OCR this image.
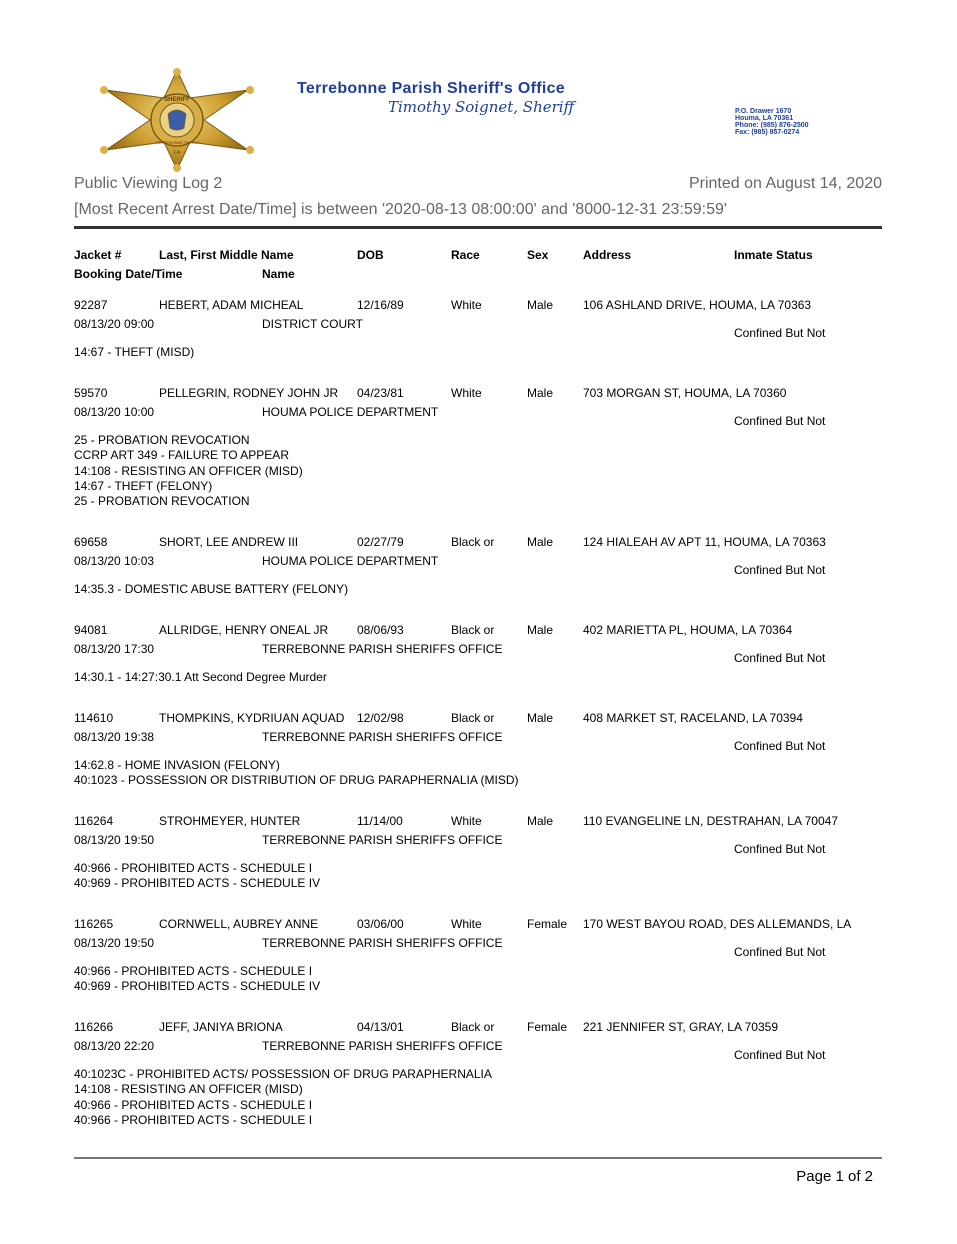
SHERIFF
TERREBONNE PARISH
LA
Terrebonne Parish Sheriff's Office
Timothy Soignet, Sheriff	P.O. Drawer 1670
Houma, LA 70361
Phone: (985) 876-2500
Fax: (985) 857-0274
Public Viewing Log 2	Printed on August 14, 2020
[Most Recent Arrest Date/Time] is between '2020-08-13 08:00:00' and '8000-12-31 23:59:59'
Jacket #	Last, First Middle Name	DOB	Race	Sex	Address	Inmate Status
Booking Date/Time	Name
92287	HEBERT, ADAM MICHEAL	12/16/89	White	Male 106 ASHLAND DRIVE, HOUMA, LA 70363
08/13/20 09:00	DISTRICT COURT
Confined But Not
14:67 - THEFT (MISD)
59570	PELLEGRIN, RODNEY JOHN JR 04/23/81	White	Male 703 MORGAN ST, HOUMA, LA 70360
08/13/20 10:00	HOUMA POLICE DEPARTMENT
Confined But Not
25 - PROBATION REVOCATION
CCRP ART 349 - FAILURE TO APPEAR
14:108 - RESISTING AN OFFICER (MISD)
14:67 - THEFT (FELONY)
25 - PROBATION REVOCATION
69658	SHORT, LEE ANDREW III	02/27/79	Black or	Male 124 HIALEAH AV APT 11, HOUMA, LA 70363
08/13/20 10:03	HOUMA POLICE DEPARTMENT
Confined But Not
14:35.3 - DOMESTIC ABUSE BATTERY (FELONY)
94081	ALLRIDGE, HENRY ONEAL JR 08/06/93	Black or	Male 402 MARIETTA PL, HOUMA, LA 70364
08/13/20 17:30	TERREBONNE PARISH SHERIFFS OFFICE
Confined But Not
14:30.1 - 14:27:30.1 Att Second Degree Murder
114610	THOMPKINS, KYDRIUAN AQUAD 12/02/98	Black or	Male 408 MARKET ST, RACELAND, LA 70394
08/13/20 19:38	TERREBONNE PARISH SHERIFFS OFFICE
Confined But Not
14:62.8 - HOME INVASION (FELONY)
40:1023 - POSSESSION OR DISTRIBUTION OF DRUG PARAPHERNALIA (MISD)
116264	STROHMEYER, HUNTER	11/14/00	White	Male 110 EVANGELINE LN, DESTRAHAN, LA 70047
08/13/20 19:50	TERREBONNE PARISH SHERIFFS OFFICE
Confined But Not
40:966 - PROHIBITED ACTS - SCHEDULE I
40:969 - PROHIBITED ACTS - SCHEDULE IV
116265	CORNWELL, AUBREY ANNE	03/06/00	White	Female 170 WEST BAYOU ROAD, DES ALLEMANDS, LA
08/13/20 19:50	TERREBONNE PARISH SHERIFFS OFFICE
Confined But Not
40:966 - PROHIBITED ACTS - SCHEDULE I
40:969 - PROHIBITED ACTS - SCHEDULE IV
116266	JEFF, JANIYA BRIONA	04/13/01	Black or	Female 221 JENNIFER ST, GRAY, LA 70359
08/13/20 22:20	TERREBONNE PARISH SHERIFFS OFFICE
Confined But Not
40:1023C - PROHIBITED ACTS/ POSSESSION OF DRUG PARAPHERNALIA
14:108 - RESISTING AN OFFICER (MISD)
40:966 - PROHIBITED ACTS - SCHEDULE I
40:966 - PROHIBITED ACTS - SCHEDULE I
Page 1 of 2
